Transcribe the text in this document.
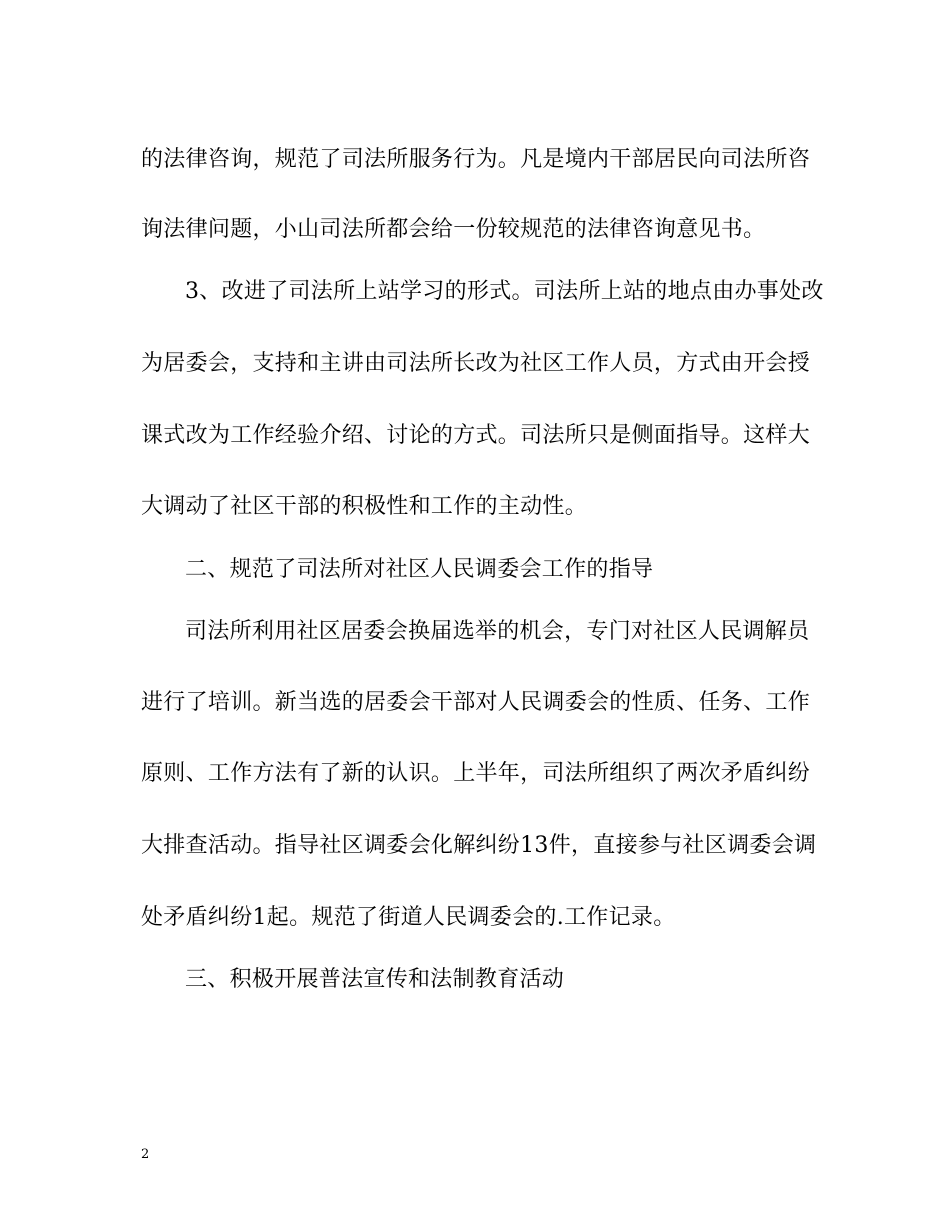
的法律咨询，规范了司法所服务行为。凡是境内干部居民向司法所咨
询法律问题，小山司法所都会给一份较规范的法律咨询意见书。
3、改进了司法所上站学习的形式。司法所上站的地点由办事处改
为居委会，支持和主讲由司法所长改为社区工作人员，方式由开会授
课式改为工作经验介绍、讨论的方式。司法所只是侧面指导。这样大
大调动了社区干部的积极性和工作的主动性。
二、规范了司法所对社区人民调委会工作的指导
司法所利用社区居委会换届选举的机会，专门对社区人民调解员
进行了培训。新当选的居委会干部对人民调委会的性质、任务、工作
原则、工作方法有了新的认识。上半年，司法所组织了两次矛盾纠纷
大排查活动。指导社区调委会化解纠纷13件，直接参与社区调委会调
处矛盾纠纷1起。规范了街道人民调委会的.工作记录。
三、积极开展普法宣传和法制教育活动
2
